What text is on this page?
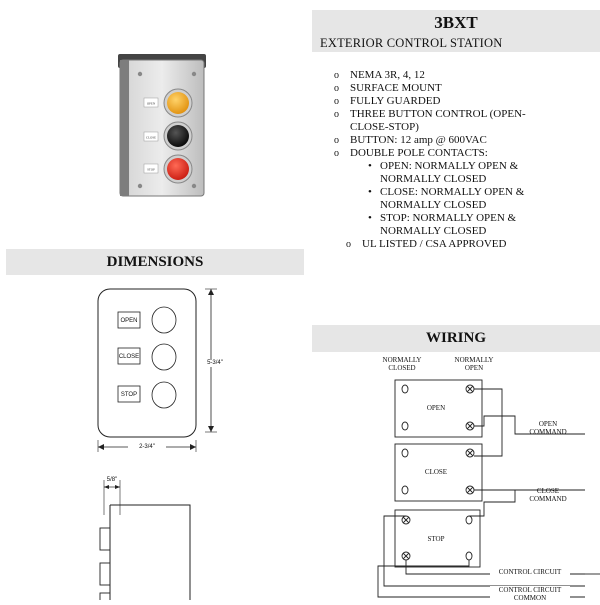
OPEN
CLOSE
STOP
3BXT
EXTERIOR CONTROL STATION
o NEMA 3R, 4, 12
o SURFACE MOUNT
o FULLY GUARDED
o THREE BUTTON CONTROL (OPEN-CLOSE-STOP)
o BUTTON: 12 amp @ 600VAC
o DOUBLE POLE CONTACTS:
• OPEN: NORMALLY OPEN & NORMALLY CLOSED
• CLOSE: NORMALLY OPEN & NORMALLY CLOSED
• STOP: NORMALLY OPEN & NORMALLY CLOSED
o UL LISTED / CSA APPROVED
DIMENSIONS
OPEN
CLOSE
STOP
5-3/4"
2-3/4"
5/8"
WIRING
NORMALLY CLOSED
NORMALLY OPEN
OPEN
CLOSE
STOP
OPEN COMMAND
CLOSE COMMAND
CONTROL CIRCUIT
CONTROL CIRCUIT COMMON
